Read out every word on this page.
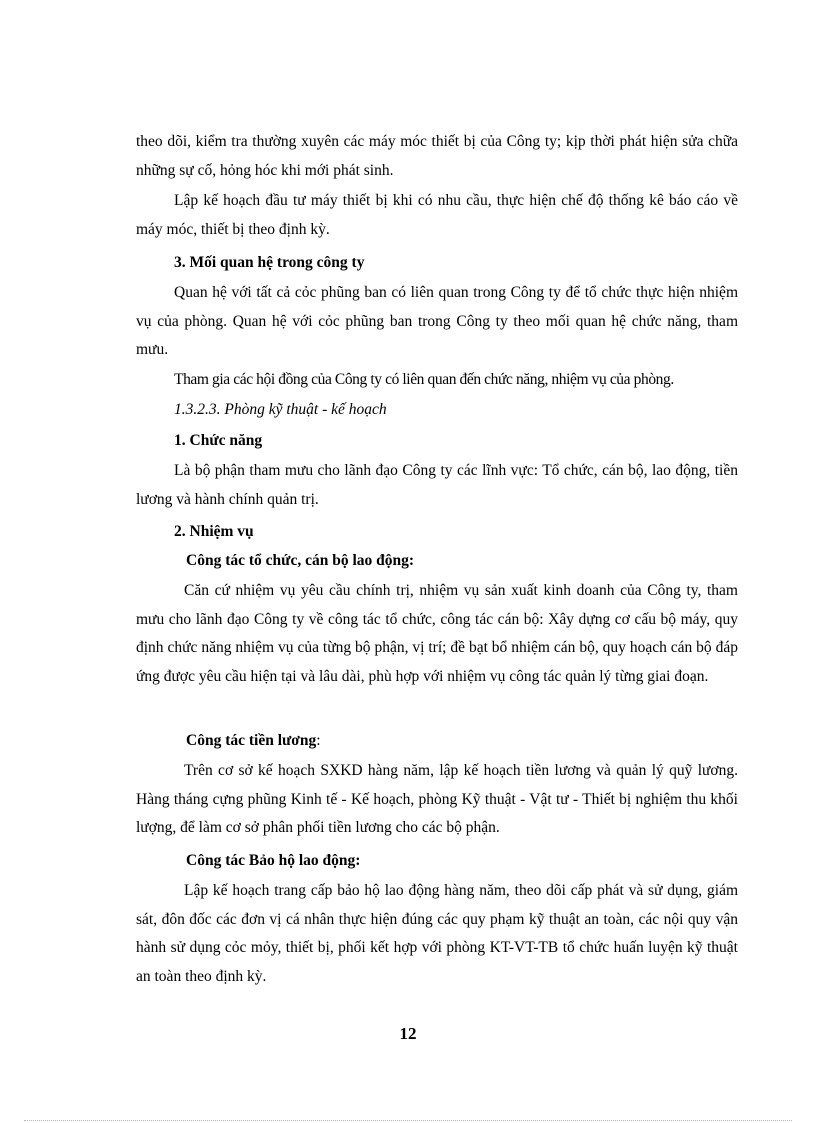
theo dõi, kiểm tra thường xuyên các máy móc thiết bị của Công ty; kịp thời phát hiện sửa chữa những sự cố, hỏng hóc khi mới phát sinh.

Lập kế hoạch đầu tư máy thiết bị khi có nhu cầu, thực hiện chế độ thống kê báo cáo về máy móc, thiết bị theo định kỳ.

3. Mối quan hệ trong công ty

Quan hệ với tất cả cỏc phũng ban có liên quan trong Công ty để tổ chức thực hiện nhiệm vụ của phòng. Quan hệ với cỏc phũng ban trong Công ty theo mối quan hệ chức năng, tham mưu.

Tham gia các hội đồng của Công ty có liên quan đến chức năng, nhiệm vụ của phòng.

1.3.2.3. Phòng kỹ thuật - kế hoạch

1. Chức năng

Là bộ phận tham mưu cho lãnh đạo Công ty các lĩnh vực: Tổ chức, cán bộ, lao động, tiền lương và hành chính quản trị.

2. Nhiệm vụ

Công tác tổ chức, cán bộ lao động:

Căn cứ nhiệm vụ yêu cầu chính trị, nhiệm vụ sản xuất kinh doanh của Công ty, tham mưu cho lãnh đạo Công ty về công tác tổ chức, công tác cán bộ: Xây dựng cơ cấu bộ máy, quy định chức năng nhiệm vụ của từng bộ phận, vị trí; đề bạt bổ nhiệm cán bộ, quy hoạch cán bộ đáp ứng được yêu cầu hiện tại và lâu dài, phù hợp với nhiệm vụ công tác quản lý từng giai đoạn.

Công tác tiền lương:

Trên cơ sở kế hoạch SXKD hàng năm, lập kế hoạch tiền lương và quản lý quỹ lương. Hàng tháng cựng phũng Kinh tế - Kế hoạch, phòng Kỹ thuật - Vật tư - Thiết bị nghiệm thu khối lượng, để làm cơ sở phân phối tiền lương cho các bộ phận.

Công tác Bảo hộ lao động:

Lập kế hoạch trang cấp bảo hộ lao động hàng năm, theo dõi cấp phát và sử dụng, giám sát, đôn đốc các đơn vị cá nhân thực hiện đúng các quy phạm kỹ thuật an toàn, các nội quy vận hành sử dụng cỏc mỏy, thiết bị, phối kết hợp với phòng KT-VT-TB tổ chức huấn luyện kỹ thuật an toàn theo định kỳ.

12
